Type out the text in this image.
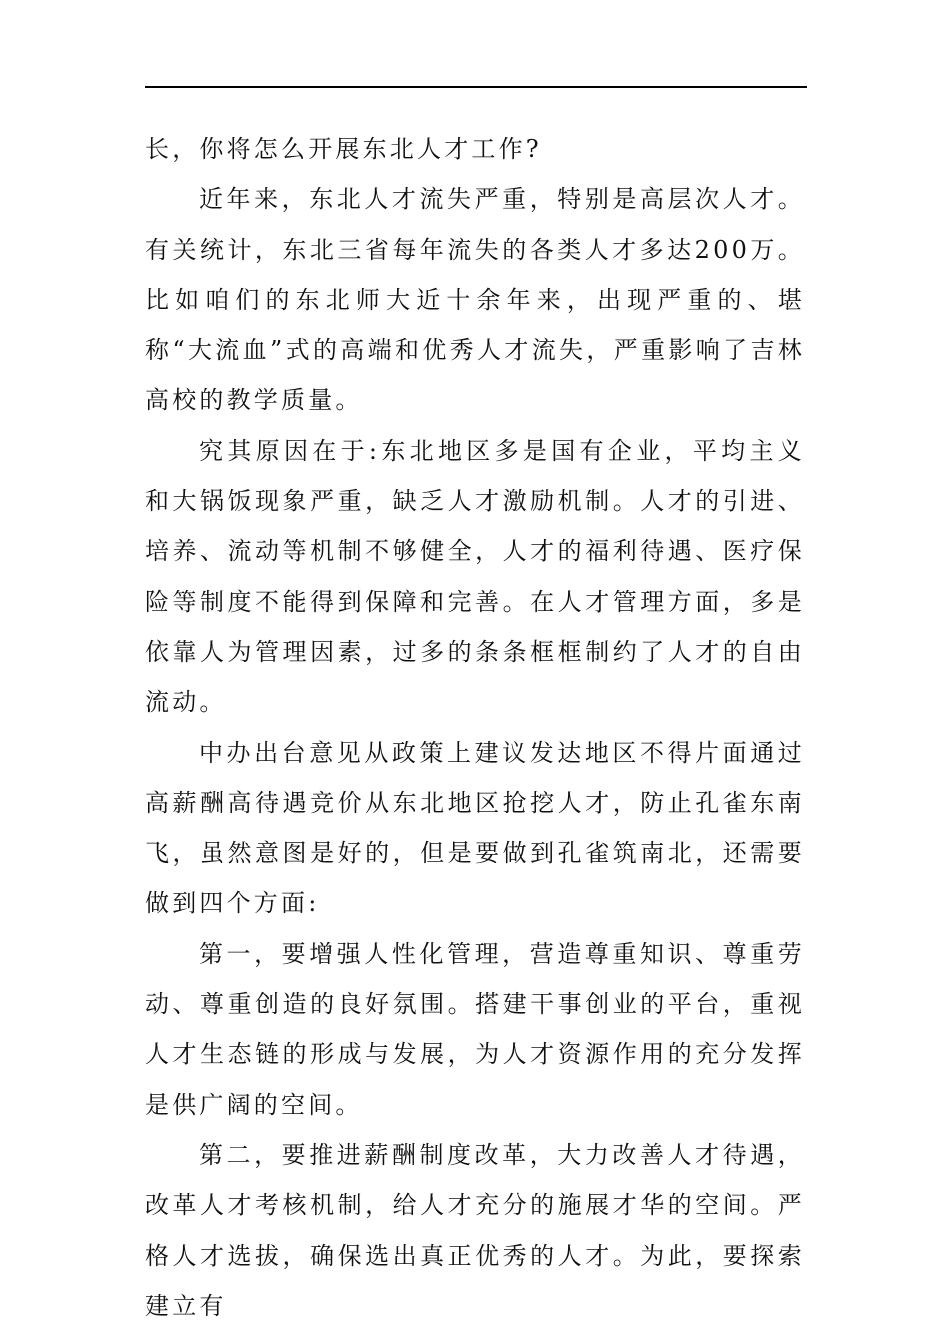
长，你将怎么开展东北人才工作?

近年来，东北人才流失严重，特别是高层次人才。有关统计，东北三省每年流失的各类人才多达200万。比如咱们的东北师大近十余年来，出现严重的、堪称“大流血”式的高端和优秀人才流失，严重影响了吉林高校的教学质量。

究其原因在于:东北地区多是国有企业，平均主义和大锅饭现象严重，缺乏人才激励机制。人才的引进、培养、流动等机制不够健全，人才的福利待遇、医疗保险等制度不能得到保障和完善。在人才管理方面，多是依靠人为管理因素，过多的条条框框制约了人才的自由流动。

中办出台意见从政策上建议发达地区不得片面通过高薪酬高待遇竞价从东北地区抢挖人才，防止孔雀东南飞，虽然意图是好的，但是要做到孔雀筑南北，还需要做到四个方面:

第一，要增强人性化管理，营造尊重知识、尊重劳动、尊重创造的良好氛围。搭建干事创业的平台，重视人才生态链的形成与发展，为人才资源作用的充分发挥是供广阔的空间。

第二，要推进薪酬制度改革，大力改善人才待遇，改革人才考核机制，给人才充分的施展才华的空间。严格人才选拔，确保选出真正优秀的人才。为此，要探索建立有
